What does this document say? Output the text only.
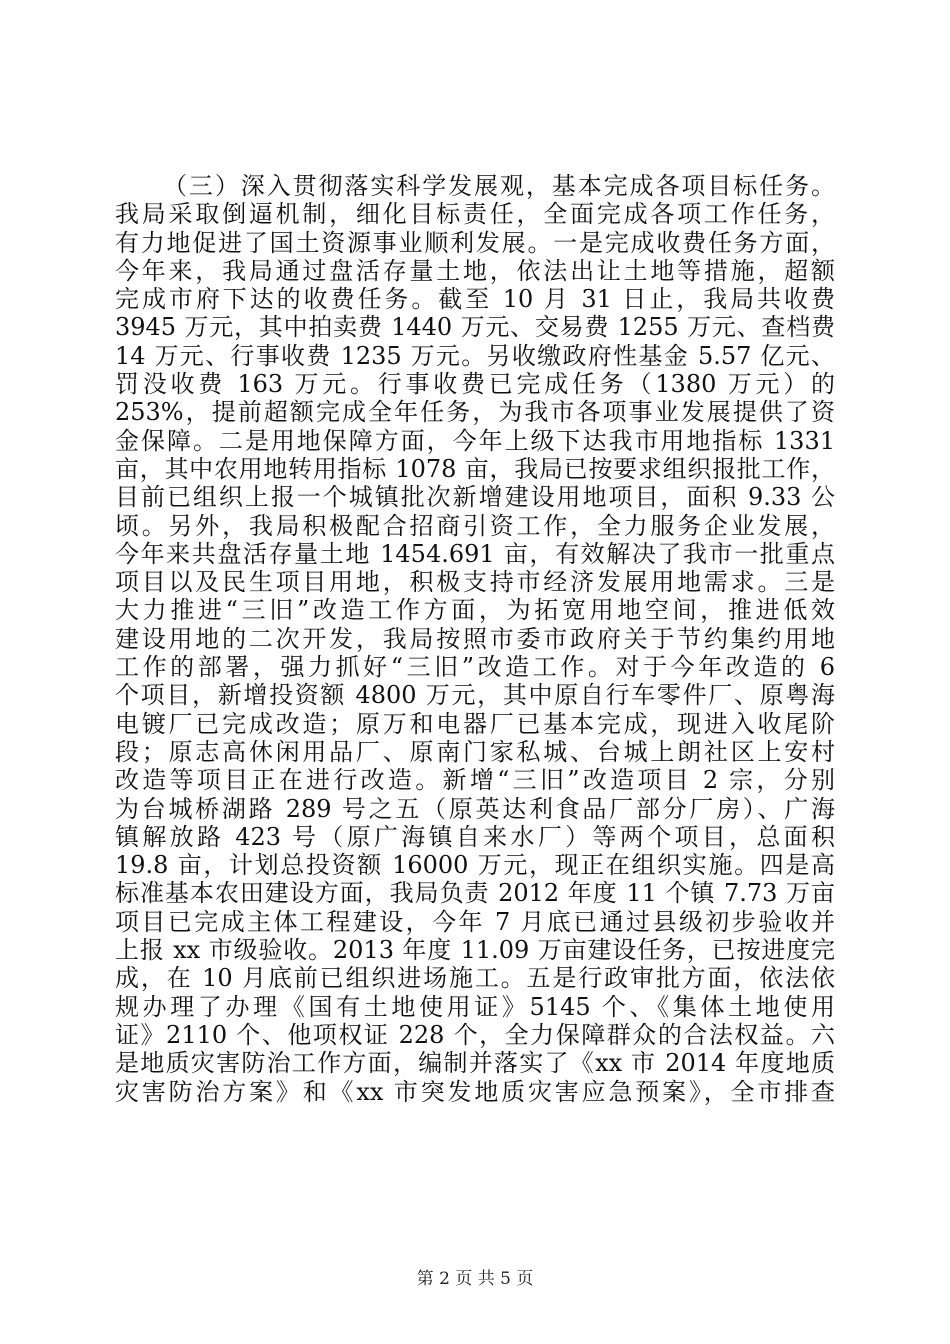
（三）深入贯彻落实科学发展观，基本完成各项目标任务。
我局采取倒逼机制，细化目标责任，全面完成各项工作任务，
有力地促进了国土资源事业顺利发展。一是完成收费任务方面，
今年来，我局通过盘活存量土地，依法出让土地等措施，超额
完成市府下达的收费任务。截至 10 月 31 日止，我局共收费
3945 万元，其中拍卖费 1440 万元、交易费 1255 万元、查档费
14 万元、行事收费 1235 万元。另收缴政府性基金 5.57 亿元、
罚没收费 163 万元。行事收费已完成任务（1380 万元）的
253%，提前超额完成全年任务，为我市各项事业发展提供了资
金保障。二是用地保障方面，今年上级下达我市用地指标 1331
亩，其中农用地转用指标 1078 亩，我局已按要求组织报批工作，
目前已组织上报一个城镇批次新增建设用地项目，面积 9.33 公
顷。另外，我局积极配合招商引资工作，全力服务企业发展，
今年来共盘活存量土地 1454.691 亩，有效解决了我市一批重点
项目以及民生项目用地，积极支持市经济发展用地需求。三是
大力推进“三旧”改造工作方面，为拓宽用地空间，推进低效
建设用地的二次开发，我局按照市委市政府关于节约集约用地
工作的部署，强力抓好“三旧”改造工作。对于今年改造的 6
个项目，新增投资额 4800 万元，其中原自行车零件厂、原粤海
电镀厂已完成改造；原万和电器厂已基本完成，现进入收尾阶
段；原志高休闲用品厂、原南门家私城、台城上朗社区上安村
改造等项目正在进行改造。新增“三旧”改造项目 2 宗，分别
为台城桥湖路 289 号之五（原英达利食品厂部分厂房）、广海
镇解放路 423 号（原广海镇自来水厂）等两个项目，总面积
19.8 亩，计划总投资额 16000 万元，现正在组织实施。四是高
标准基本农田建设方面，我局负责 2012 年度 11 个镇 7.73 万亩
项目已完成主体工程建设，今年 7 月底已通过县级初步验收并
上报 xx 市级验收。2013 年度 11.09 万亩建设任务，已按进度完
成，在 10 月底前已组织进场施工。五是行政审批方面，依法依
规办理了办理《国有土地使用证》5145 个、《集体土地使用
证》2110 个、他项权证 228 个，全力保障群众的合法权益。六
是地质灾害防治工作方面，编制并落实了《xx 市 2014 年度地质
灾害防治方案》和《xx 市突发地质灾害应急预案》，全市排查
第 2 页 共 5 页
